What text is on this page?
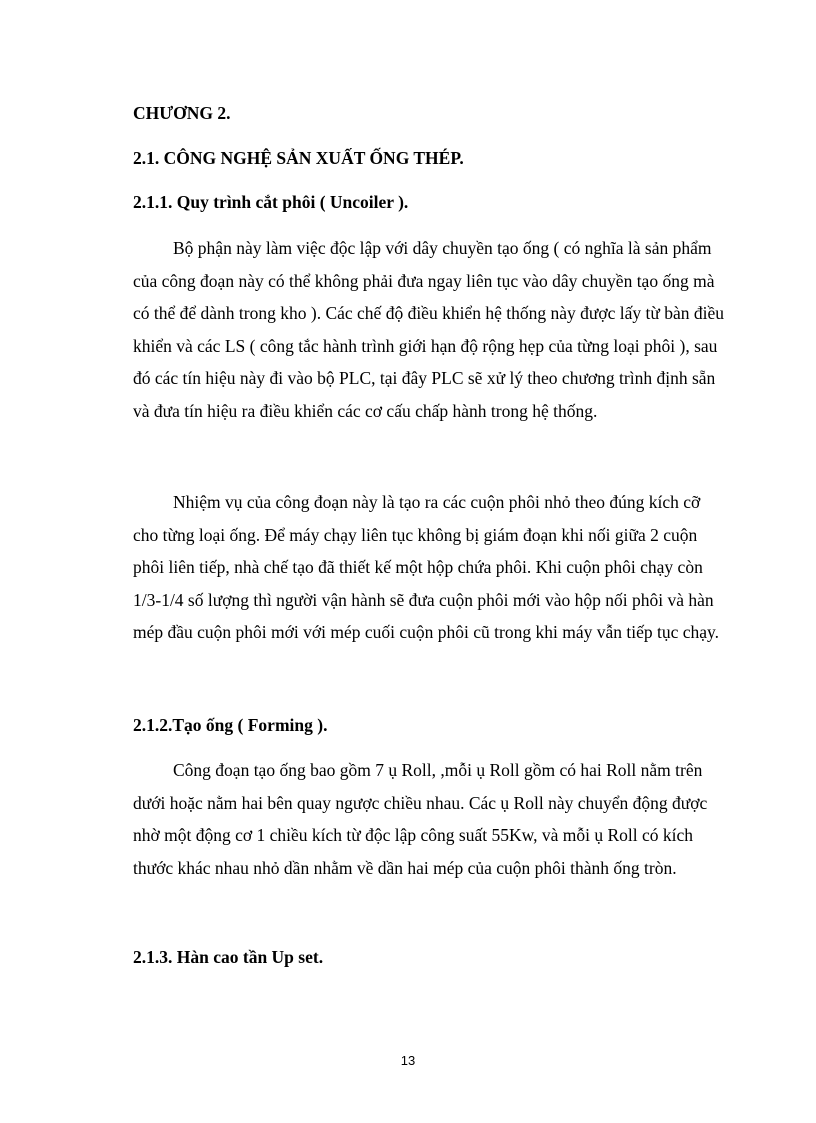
CHƯƠNG 2.
2.1. CÔNG NGHỆ SẢN XUẤT ỐNG THÉP.
2.1.1. Quy trình cắt phôi ( Uncoiler ).

Bộ phận này làm việc độc lập với dây chuyền tạo ống ( có nghĩa là sản phẩm của công đoạn này có thể không phải đưa ngay liên tục vào dây chuyền tạo ống mà có thể để dành trong kho ). Các chế độ điều khiển hệ thống này được lấy từ bàn điều khiển và các LS ( công tắc hành trình giới hạn độ rộng hẹp của từng loại phôi ), sau đó các tín hiệu này đi vào bộ PLC, tại đây PLC sẽ xử lý theo chương trình định sẵn và đưa tín hiệu ra điều khiển các cơ cấu chấp hành trong hệ thống.

Nhiệm vụ của công đoạn này là tạo ra các cuộn phôi nhỏ theo đúng kích cỡ cho từng loại ống. Để máy chạy liên tục không bị giám đoạn khi nối giữa 2 cuộn phôi liên tiếp, nhà chế tạo đã thiết kế một hộp chứa phôi. Khi cuộn phôi chạy còn 1/3-1/4 số lượng thì người vận hành sẽ đưa cuộn phôi mới vào hộp nối phôi và hàn mép đầu cuộn phôi mới với mép cuối cuộn phôi cũ trong khi máy vẫn tiếp tục chạy.

2.1.2.Tạo ống ( Forming ).

Công đoạn tạo ống bao gồm 7 ụ Roll, ,mỗi ụ Roll gồm có hai Roll nằm trên dưới hoặc nằm hai bên quay ngược chiều nhau. Các ụ Roll này chuyển động được nhờ một động cơ 1 chiều kích từ độc lập công suất 55Kw, và mỗi ụ Roll có kích thước khác nhau nhỏ dần nhằm về dần hai mép của cuộn phôi thành ống tròn.

2.1.3. Hàn cao tần Up set.
13
